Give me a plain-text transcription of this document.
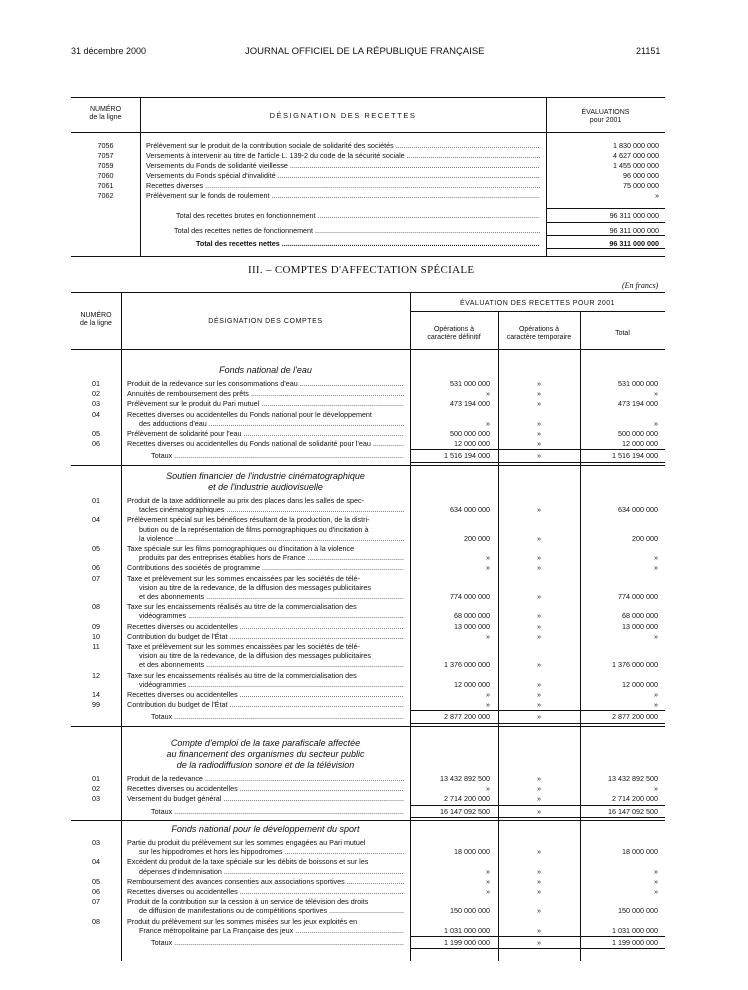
31 décembre 2000	JOURNAL OFFICIEL DE LA RÉPUBLIQUE FRANÇAISE	21151
NUMÉRO
de la ligne	DÉSIGNATION DES RECETTES	ÉVALUATIONS
pour 2001
7056	Prélèvement sur le produit de la contribution sociale de solidarité des sociétés .....	1 830 000 000
7057	Versements à intervenir au titre de l'article L. 139-2 du code de la sécurité sociale .....	4 627 000 000
7059	Versements du Fonds de solidarité vieillesse .....	1 455 000 000
7060	Versements du Fonds spécial d'invalidité .....	96 000 000
7061	Recettes diverses .....	75 000 000
7062	Prélèvement sur le fonds de roulement .....	»
Total des recettes brutes en fonctionnement .....	96 311 000 000
Total des recettes nettes de fonctionnement .....	96 311 000 000
Total des recettes nettes .....	96 311 000 000
III. – COMPTES D'AFFECTATION SPÉCIALE
(En francs)
NUMÉRO
de la ligne	DÉSIGNATION DES COMPTES
ÉVALUATION DES RECETTES POUR 2001
Opérations à
caractère définitif
Opérations à
caractère temporaire
Total
Fonds national de l'eau
01	Produit de la redevance sur les consommations d'eau .....	531 000 000	»	531 000 000
02	Annuités de remboursement des prêts .....	»	»	»
03	Prélèvement sur le produit du Pari mutuel .....	473 194 000	»	473 194 000
04	Recettes diverses ou accidentelles du Fonds national pour le développement
des adductions d'eau .....	»	»	»
05	Prélèvement de solidarité pour l'eau .....	500 000 000	»	500 000 000
06	Recettes diverses ou accidentelles du Fonds national de solidarité pour l'eau .....	12 000 000	»	12 000 000
Totaux .....	1 516 194 000	»	1 516 194 000
Soutien financier de l'industrie cinématographique
et de l'industrie audiovisuelle
01	Produit de la taxe additionnelle au prix des places dans les salles de spec-
tacles cinématographiques .....	634 000 000	»	634 000 000
04	Prélèvement spécial sur les bénéfices résultant de la production, de la distri-
bution ou de la représentation de films pornographiques ou d'incitation à
la violence .....	200 000	»	200 000
05	Taxe spéciale sur les films pornographiques ou d'incitation à la violence
produits par des entreprises établies hors de France .....	»	»	»
06	Contributions des sociétés de programme .....	»	»	»
07	Taxe et prélèvement sur les sommes encaissées par les sociétés de télé-
vision au titre de la redevance, de la diffusion des messages publicitaires
et des abonnements .....	774 000 000	»	774 000 000
08	Taxe sur les encaissements réalisés au titre de la commercialisation des
vidéogrammes .....	68 000 000	»	68 000 000
09	Recettes diverses ou accidentelles .....	13 000 000	»	13 000 000
10	Contribution du budget de l'État .....	»	»	»
11	Taxe et prélèvement sur les sommes encaissées par les sociétés de télé-
vision au titre de la redevance, de la diffusion des messages publicitaires
et des abonnements .....	1 376 000 000	»	1 376 000 000
12	Taxe sur les encaissements réalisés au titre de la commercialisation des
vidéogrammes .....	12 000 000	»	12 000 000
14	Recettes diverses ou accidentelles .....	»	»	»
99	Contribution du budget de l'État .....	»	»	»
Totaux .....	2 877 200 000	»	2 877 200 000
Compte d'emploi de la taxe parafiscale affectée
au financement des organismes du secteur public
de la radiodiffusion sonore et de la télévision
01	Produit de la redevance .....	13 432 892 500	»	13 432 892 500
02	Recettes diverses ou accidentelles .....	»	»	»
03	Versement du budget général .....	2 714 200 000	»	2 714 200 000
Totaux .....	16 147 092 500	»	16 147 092 500
Fonds national pour le développement du sport
03	Partie du produit du prélèvement sur les sommes engagées au Pari mutuel
sur les hippodromes et hors les hippodromes .....	18 000 000	»	18 000 000
04	Excédent du produit de la taxe spéciale sur les débits de boissons et sur les
dépenses d'indemnisation .....	»	»	»
05	Remboursement des avances consenties aux associations sportives .....	»	»	»
06	Recettes diverses ou accidentelles .....	»	»	»
07	Produit de la contribution sur la cession à un service de télévision des droits
de diffusion de manifestations ou de compétitions sportives .....	150 000 000	»	150 000 000
08	Produit du prélèvement sur les sommes misées sur les jeux exploités en
France métropolitaine par La Française des jeux .....	1 031 000 000	»	1 031 000 000
Totaux .....	1 199 000 000	»	1 199 000 000
